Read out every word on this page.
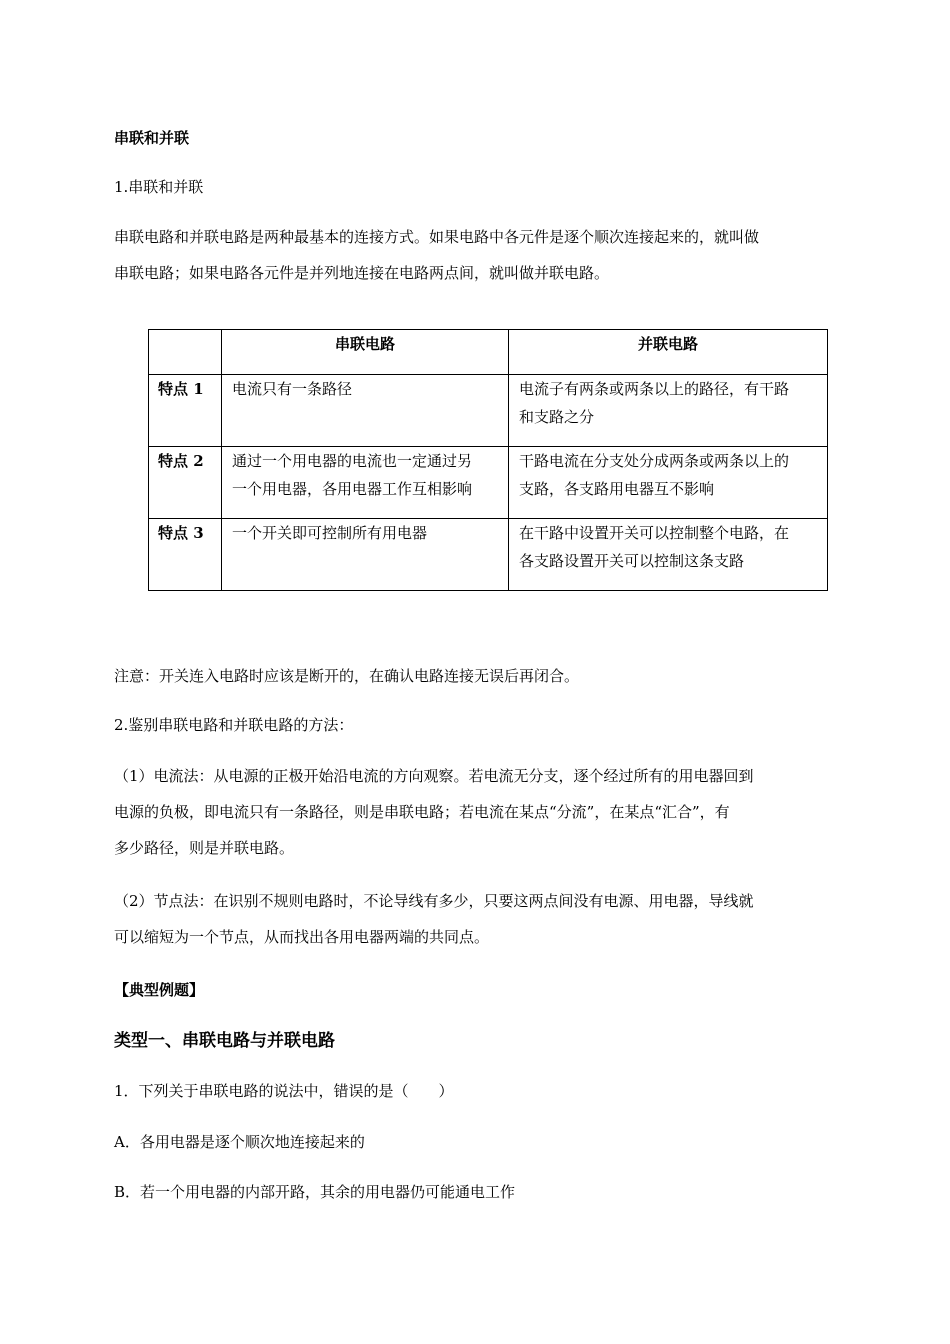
串联和并联
1.串联和并联
串联电路和并联电路是两种最基本的连接方式。如果电路中各元件是逐个顺次连接起来的，就叫做
串联电路；如果电路各元件是并列地连接在电路两点间，就叫做并联电路。
	串联电路	并联电路
特点 1	电流只有一条路径	电流子有两条或两条以上的路径，有干路
和支路之分

特点 2	通过一个用电器的电流也一定通过另
一个用电器，各用电器工作互相影响	干路电流在分支处分成两条或两条以上的
支路，各支路用电器互不影响

特点 3	一个开关即可控制所有用电器	在干路中设置开关可以控制整个电路，在
各支路设置开关可以控制这条支路
注意：开关连入电路时应该是断开的，在确认电路连接无误后再闭合。
2.鉴别串联电路和并联电路的方法：
（1）电流法：从电源的正极开始沿电流的方向观察。若电流无分支，逐个经过所有的用电器回到
电源的负极，即电流只有一条路径，则是串联电路；若电流在某点“分流”，在某点“汇合”，有
多少路径，则是并联电路。
（2）节点法：在识别不规则电路时，不论导线有多少，只要这两点间没有电源、用电器，导线就
可以缩短为一个节点，从而找出各用电器两端的共同点。
【典型例题】
类型一、串联电路与并联电路
1．下列关于串联电路的说法中，错误的是（　　）
A．各用电器是逐个顺次地连接起来的
B．若一个用电器的内部开路，其余的用电器仍可能通电工作
